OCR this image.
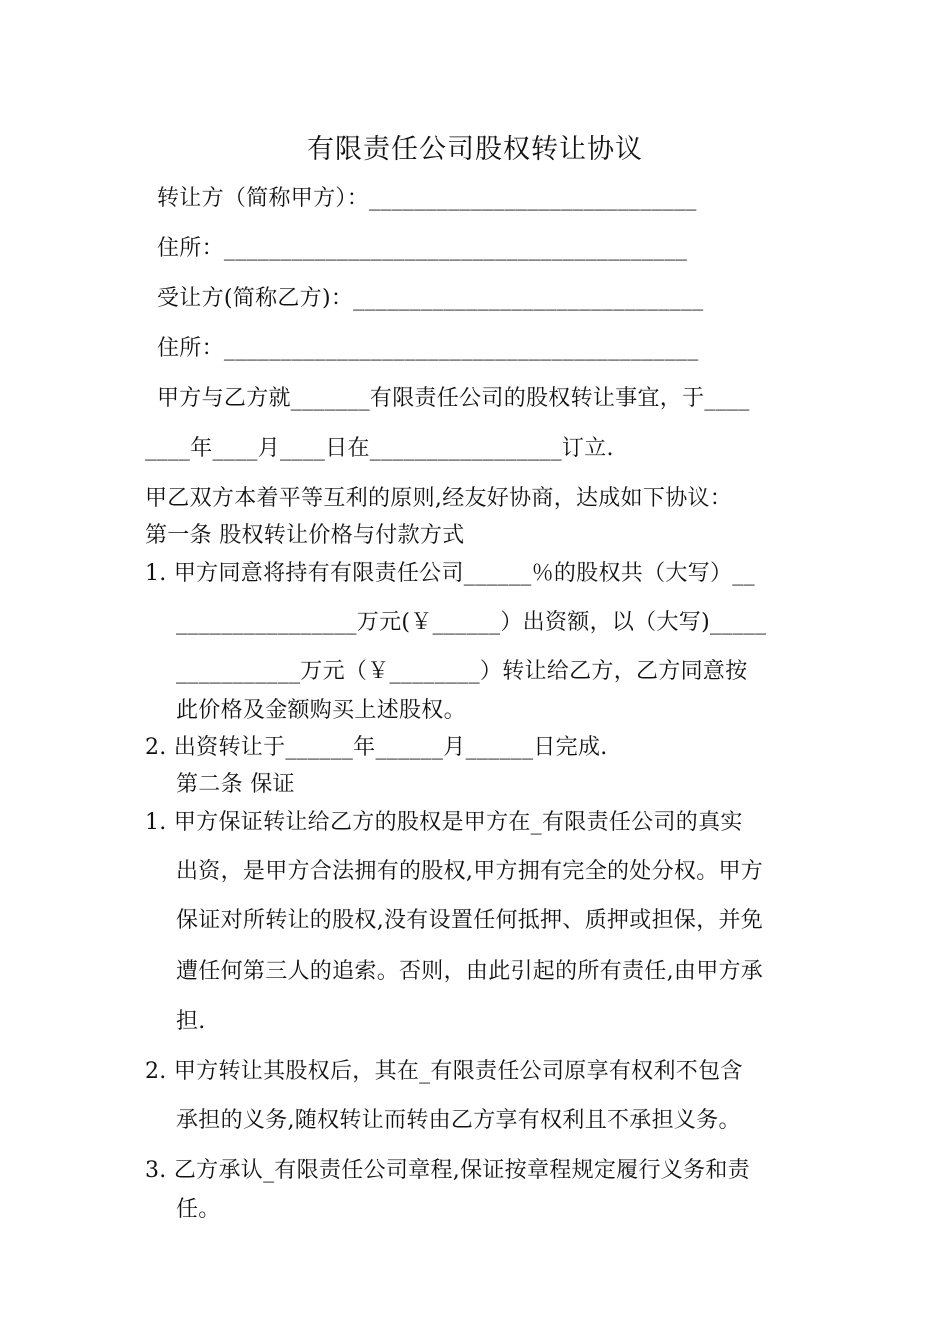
有限责任公司股权转让协议
转让方（简称甲方）：_____________________________
住所：_________________________________________
受让方(简称乙方)：_______________________________
住所：__________________________________________
甲方与乙方就_______有限责任公司的股权转让事宜，于____
____年____月____日在_________________订立.
甲乙双方本着平等互利的原则,经友好协商，达成如下协议：
第一条 股权转让价格与付款方式
1. 甲方同意将持有有限责任公司______％的股权共（大写）__
________________万元(￥______）出资额，以（大写)_____
___________万元（￥________）转让给乙方，乙方同意按
此价格及金额购买上述股权。
2. 出资转让于______年______月______日完成.
第二条 保证
1. 甲方保证转让给乙方的股权是甲方在_有限责任公司的真实
出资，是甲方合法拥有的股权,甲方拥有完全的处分权。甲方
保证对所转让的股权,没有设置任何抵押、质押或担保，并免
遭任何第三人的追索。否则，由此引起的所有责任,由甲方承
担.
2. 甲方转让其股权后，其在_有限责任公司原享有权利不包含
承担的义务,随权转让而转由乙方享有权利且不承担义务。
3. 乙方承认_有限责任公司章程,保证按章程规定履行义务和责
任。
